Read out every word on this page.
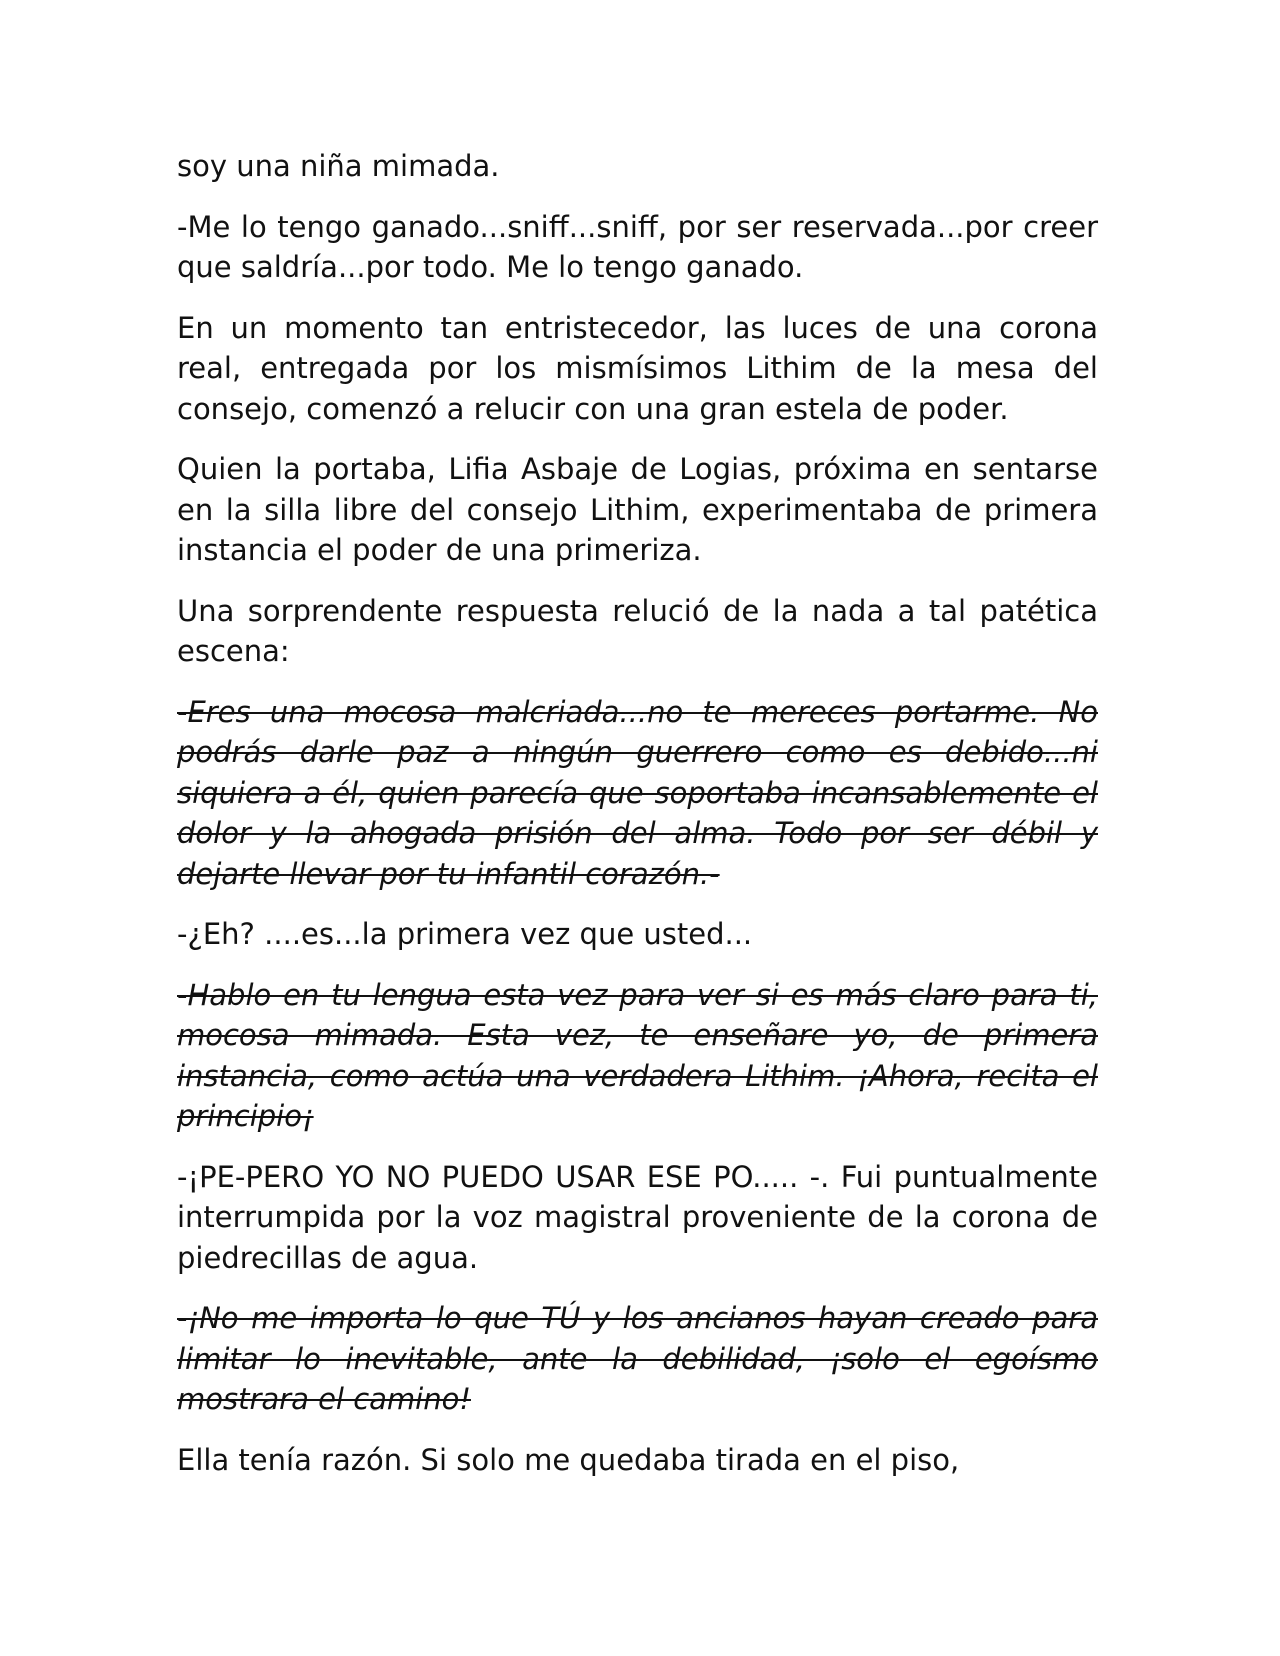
soy una niña mimada.

-Me lo tengo ganado...sniff...sniff, por ser reservada...por creer que saldría...por todo. Me lo tengo ganado.

En un momento tan entristecedor, las luces de una corona real, entregada por los mismísimos Lithim de la mesa del consejo, comenzó a relucir con una gran estela de poder.

Quien la portaba, Lifia Asbaje de Logias, próxima en sentarse en la silla libre del consejo Lithim, experimentaba de primera instancia el poder de una primeriza.

Una sorprendente respuesta relució de la nada a tal patética escena:

-Eres una mocosa malcriada...no te mereces portarme. No podrás darle paz a ningún guerrero como es debido...ni siquiera a él, quien parecía que soportaba incansablemente el dolor y la ahogada prisión del alma. Todo por ser débil y dejarte llevar por tu infantil corazón.-

-¿Eh? ....es...la primera vez que usted...

-Hablo en tu lengua esta vez para ver si es más claro para ti, mocosa mimada. Esta vez, te enseñare yo, de primera instancia, como actúa una verdadera Lithim. ¡Ahora, recita el principio¡

-¡PE-PERO YO NO PUEDO USAR ESE PO..... -. Fui puntualmente interrumpida por la voz magistral proveniente de la corona de piedrecillas de agua.

-¡No me importa lo que TÚ y los ancianos hayan creado para limitar lo inevitable, ante la debilidad, ¡solo el egoísmo mostrara el camino!

Ella tenía razón. Si solo me quedaba tirada en el piso,
